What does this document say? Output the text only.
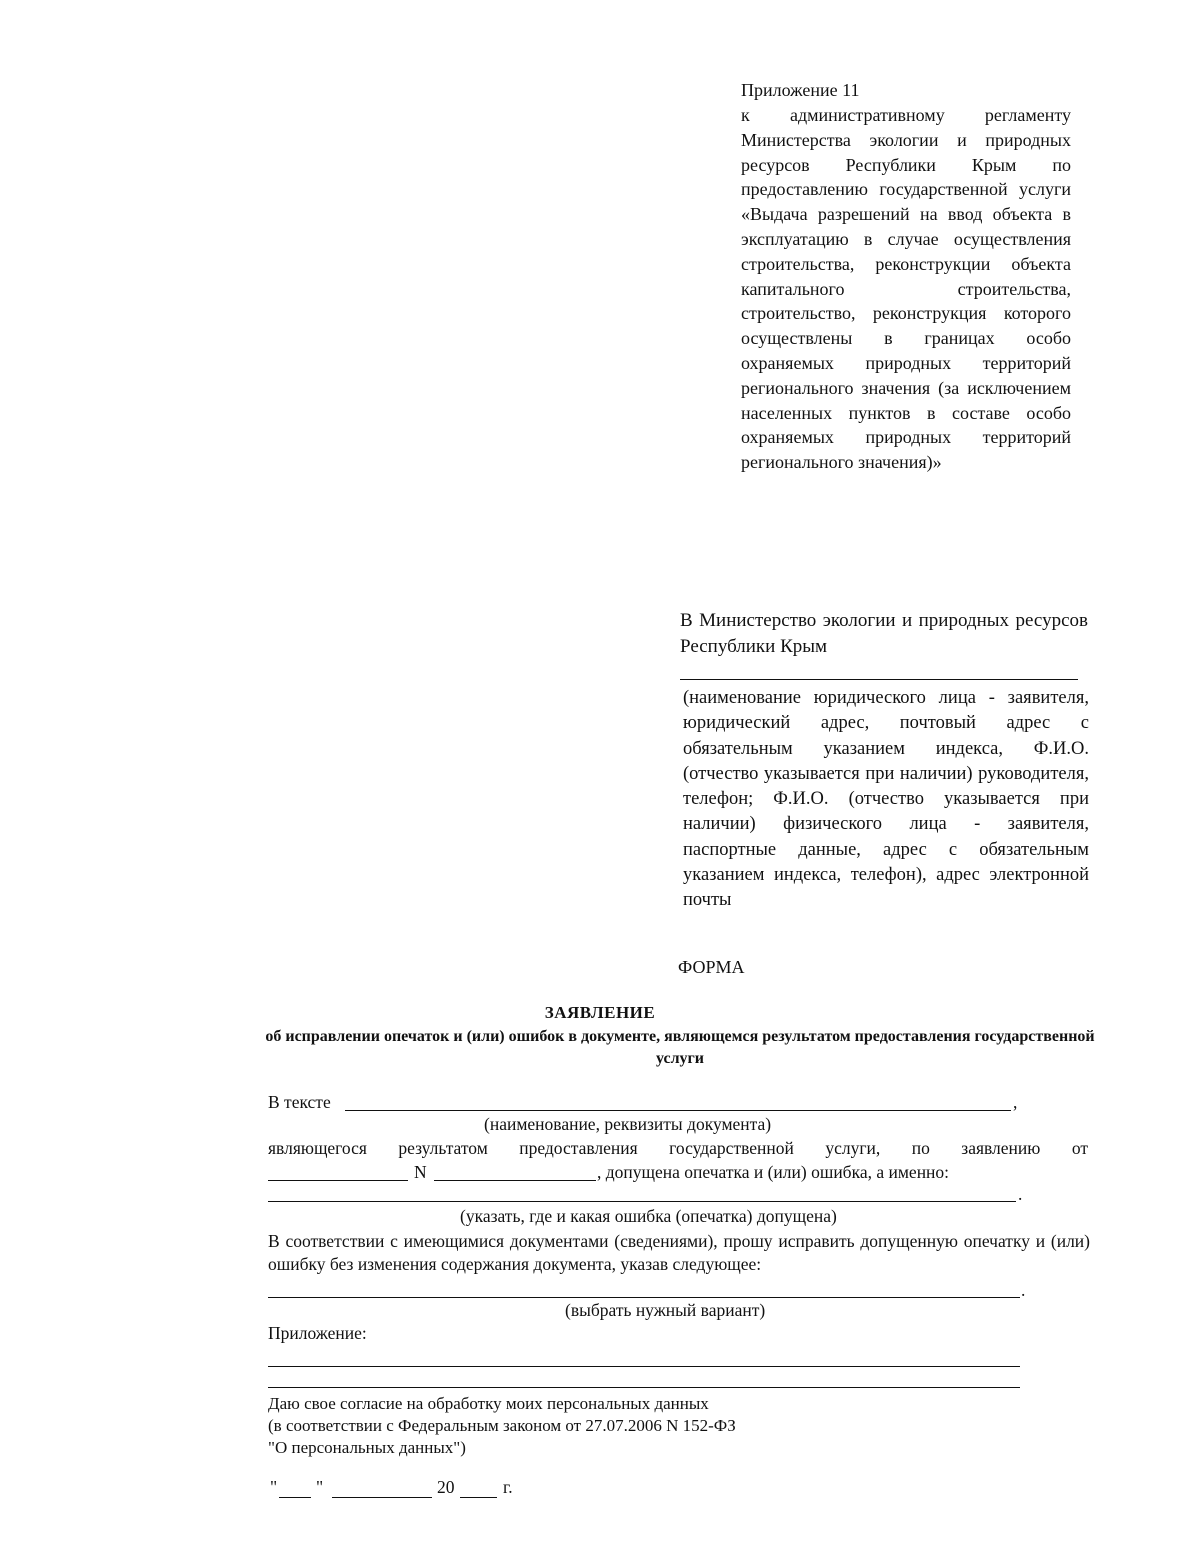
Приложение 11
к административному регламенту Министерства экологии и природных ресурсов Республики Крым по предоставлению государственной услуги «Выдача разрешений на ввод объекта в эксплуатацию в случае осуществления строительства, реконструкции объекта капитального строительства, строительство, реконструкция которого осуществлены в границах особо охраняемых природных территорий регионального значения (за исключением населенных пунктов в составе особо охраняемых природных территорий регионального значения)»
В Министерство экологии и природных ресурсов Республики Крым
(наименование юридического лица - заявителя, юридический адрес, почтовый адрес с обязательным указанием индекса, Ф.И.О. (отчество указывается при наличии) руководителя, телефон; Ф.И.О. (отчество указывается при наличии) физического лица - заявителя, паспортные данные, адрес с обязательным указанием индекса, телефон), адрес электронной почты
ФОРМА
ЗАЯВЛЕНИЕ
об исправлении опечаток и (или) ошибок в документе, являющемся результатом предоставления государственной услуги
В тексте	,
(наименование, реквизиты документа)
являющегося результатом предоставления государственной услуги, по заявлению от
N	, допущена опечатка и (или) ошибка, а именно:
.
(указать, где и какая ошибка (опечатка) допущена)
В соответствии с имеющимися документами (сведениями), прошу исправить допущенную опечатку и (или) ошибку без изменения содержания документа, указав следующее:
.
(выбрать нужный вариант)
Приложение:
Даю свое согласие на обработку моих персональных данных
(в соответствии с Федеральным законом от 27.07.2006 N 152-ФЗ
"О персональных данных")
" "	20	г.
